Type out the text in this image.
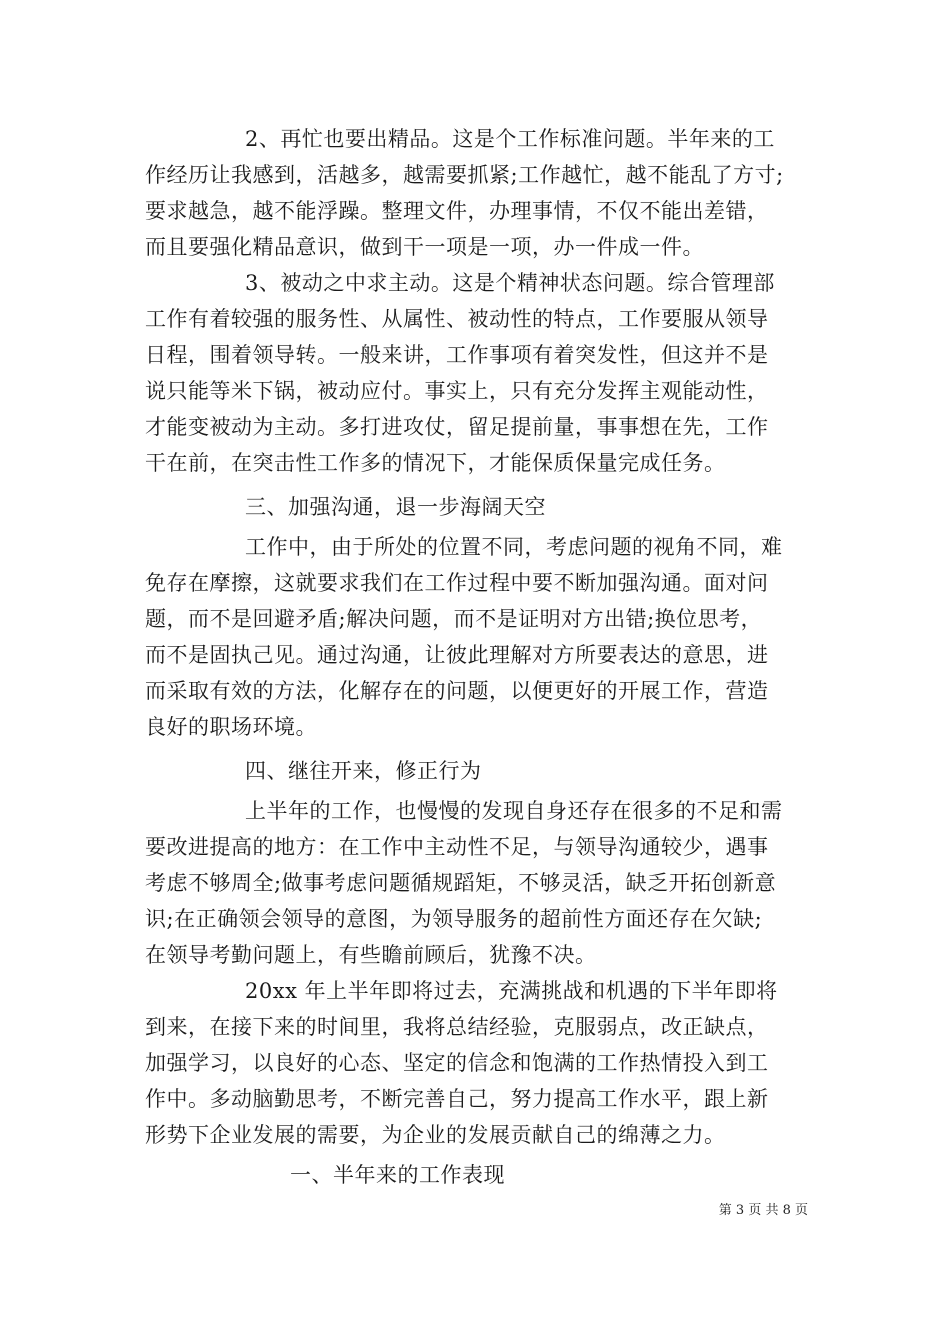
2、再忙也要出精品。这是个工作标准问题。半年来的工
作经历让我感到，活越多，越需要抓紧;工作越忙，越不能乱了方寸;
要求越急，越不能浮躁。整理文件，办理事情，不仅不能出差错，
而且要强化精品意识，做到干一项是一项，办一件成一件。
3、被动之中求主动。这是个精神状态问题。综合管理部
工作有着较强的服务性、从属性、被动性的特点，工作要服从领导
日程，围着领导转。一般来讲，工作事项有着突发性，但这并不是
说只能等米下锅，被动应付。事实上，只有充分发挥主观能动性，
才能变被动为主动。多打进攻仗，留足提前量，事事想在先，工作
干在前，在突击性工作多的情况下，才能保质保量完成任务。
三、加强沟通，退一步海阔天空
工作中，由于所处的位置不同，考虑问题的视角不同，难
免存在摩擦，这就要求我们在工作过程中要不断加强沟通。面对问
题，而不是回避矛盾;解决问题，而不是证明对方出错;换位思考，
而不是固执己见。通过沟通，让彼此理解对方所要表达的意思，进
而采取有效的方法，化解存在的问题，以便更好的开展工作，营造
良好的职场环境。
四、继往开来，修正行为
上半年的工作，也慢慢的发现自身还存在很多的不足和需
要改进提高的地方：在工作中主动性不足，与领导沟通较少，遇事
考虑不够周全;做事考虑问题循规蹈矩，不够灵活，缺乏开拓创新意
识;在正确领会领导的意图，为领导服务的超前性方面还存在欠缺;
在领导考勤问题上，有些瞻前顾后，犹豫不决。
20xx 年上半年即将过去，充满挑战和机遇的下半年即将
到来，在接下来的时间里，我将总结经验，克服弱点，改正缺点，
加强学习，以良好的心态、坚定的信念和饱满的工作热情投入到工
作中。多动脑勤思考，不断完善自己，努力提高工作水平，跟上新
形势下企业发展的需要，为企业的发展贡献自己的绵薄之力。
一、半年来的工作表现
第 3 页 共 8 页
